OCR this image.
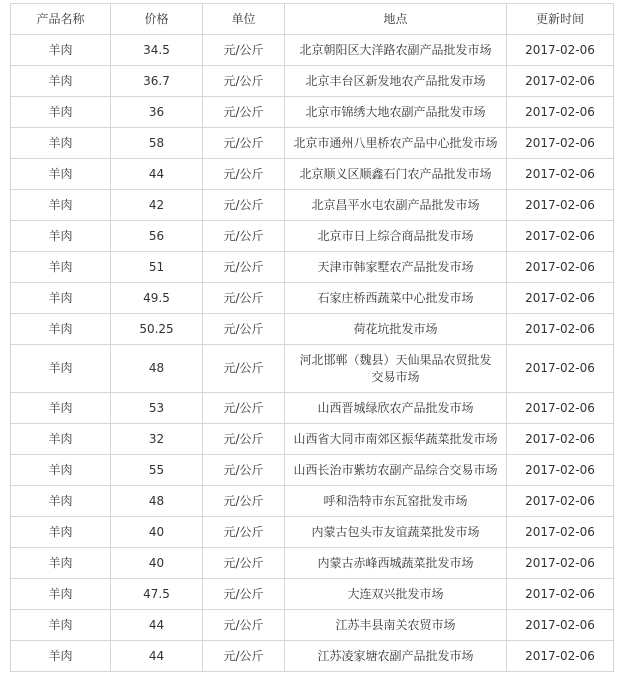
产品名称	价格	单位	地点	更新时间
羊肉	34.5	元/公斤	北京朝阳区大洋路农副产品批发市场	2017-02-06
羊肉	36.7	元/公斤	北京丰台区新发地农产品批发市场	2017-02-06
羊肉	36	元/公斤	北京市锦绣大地农副产品批发市场	2017-02-06
羊肉	58	元/公斤	北京市通州八里桥农产品中心批发市场	2017-02-06
羊肉	44	元/公斤	北京顺义区顺鑫石门农产品批发市场	2017-02-06
羊肉	42	元/公斤	北京昌平水屯农副产品批发市场	2017-02-06
羊肉	56	元/公斤	北京市日上综合商品批发市场	2017-02-06
羊肉	51	元/公斤	天津市韩家墅农产品批发市场	2017-02-06
羊肉	49.5	元/公斤	石家庄桥西蔬菜中心批发市场	2017-02-06
羊肉	50.25	元/公斤	荷花坑批发市场	2017-02-06
羊肉	48	元/公斤	河北邯郸（魏县）天仙果品农贸批发交易市场	2017-02-06
羊肉	53	元/公斤	山西晋城绿欣农产品批发市场	2017-02-06
羊肉	32	元/公斤	山西省大同市南郊区振华蔬菜批发市场	2017-02-06
羊肉	55	元/公斤	山西长治市紫坊农副产品综合交易市场	2017-02-06
羊肉	48	元/公斤	呼和浩特市东瓦窑批发市场	2017-02-06
羊肉	40	元/公斤	内蒙古包头市友谊蔬菜批发市场	2017-02-06
羊肉	40	元/公斤	内蒙古赤峰西城蔬菜批发市场	2017-02-06
羊肉	47.5	元/公斤	大连双兴批发市场	2017-02-06
羊肉	44	元/公斤	江苏丰县南关农贸市场	2017-02-06
羊肉	44	元/公斤	江苏凌家塘农副产品批发市场	2017-02-06
